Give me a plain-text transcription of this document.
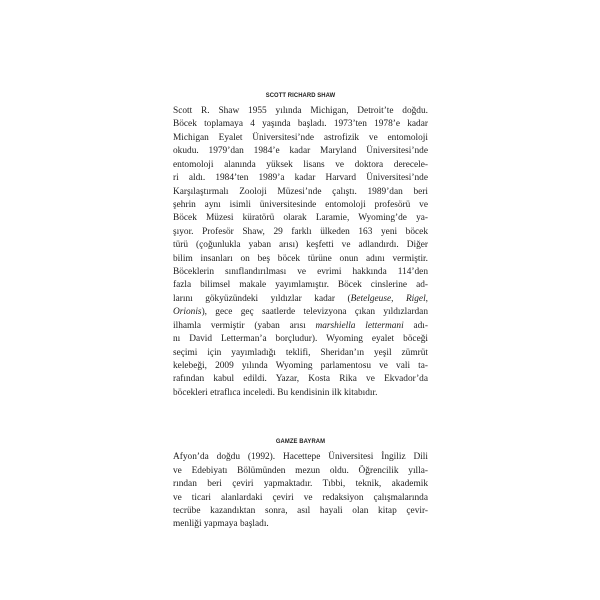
SCOTT RICHARD SHAW
Scott R. Shaw 1955 yılında Michigan, Detroit’te doğdu.
Böcek toplamaya 4 yaşında başladı. 1973’ten 1978’e kadar
Michigan Eyalet Üniversitesi’nde astrofizik ve entomoloji
okudu. 1979’dan 1984’e kadar Maryland Üniversitesi’nde
entomoloji alanında yüksek lisans ve doktora derecele-
ri aldı. 1984’ten 1989’a kadar Harvard Üniversitesi’nde
Karşılaştırmalı Zooloji Müzesi’nde çalıştı. 1989’dan beri
şehrin aynı isimli üniversitesinde entomoloji profesörü ve
Böcek Müzesi küratörü olarak Laramie, Wyoming’de ya-
şıyor. Profesör Shaw, 29 farklı ülkeden 163 yeni böcek
türü (çoğunlukla yaban arısı) keşfetti ve adlandırdı. Diğer
bilim insanları on beş böcek türüne onun adını vermiştir.
Böceklerin sınıflandırılması ve evrimi hakkında 114’den
fazla bilimsel makale yayımlamıştır. Böcek cinslerine ad-
larını gökyüzündeki yıldızlar kadar (Betelgeuse, Rigel,
Orionis), gece geç saatlerde televizyona çıkan yıldızlardan
ilhamla vermiştir (yaban arısı marshiella lettermani adı-
nı David Letterman’a borçludur). Wyoming eyalet böceği
seçimi için yayımladığı teklifi, Sheridan’ın yeşil zümrüt
kelebeği, 2009 yılında Wyoming parlamentosu ve vali ta-
rafından kabul edildi. Yazar, Kosta Rika ve Ekvador’da
böcekleri etraflıca inceledi. Bu kendisinin ilk kitabıdır.
GAMZE BAYRAM
Afyon’da doğdu (1992). Hacettepe Üniversitesi İngiliz Dili
ve Edebiyatı Bölümünden mezun oldu. Öğrencilik yılla-
rından beri çeviri yapmaktadır. Tıbbi, teknik, akademik
ve ticari alanlardaki çeviri ve redaksiyon çalışmalarında
tecrübe kazandıktan sonra, asıl hayali olan kitap çevir-
menliği yapmaya başladı.
